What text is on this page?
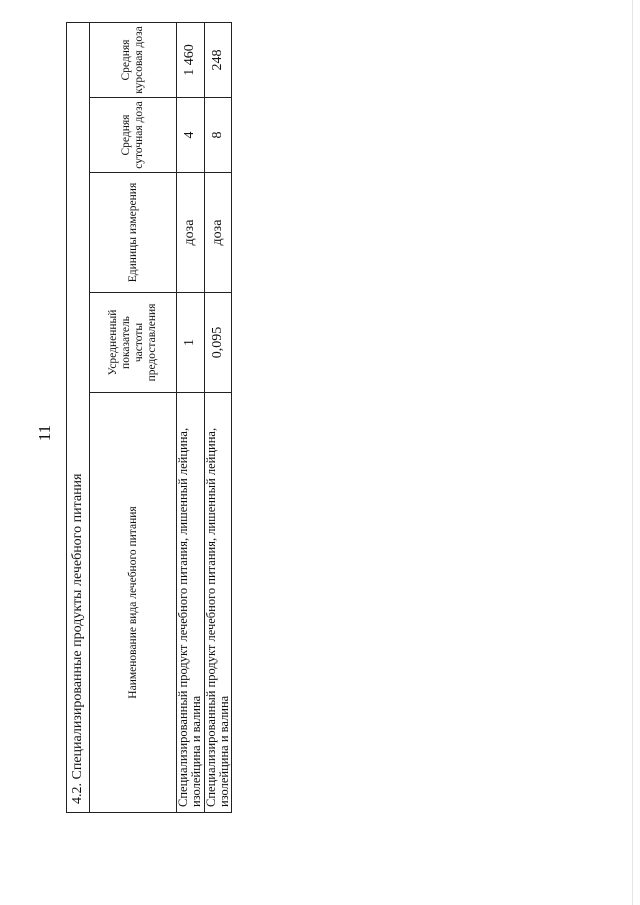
11
4.2. Специализированные продукты лечебного питания				
Наименование вида лечебного питания	Усредненный показатель частоты предоставления	Единицы измерения	Средняя суточная доза	Средняя курсовая доза
Специализированный продукт лечебного питания, лишенный лейцина, изолейцина и валина	1	доза	4	1 460
Специализированный продукт лечебного питания, лишенный лейцина, изолейцина и валина	0,095	доза	8	248
